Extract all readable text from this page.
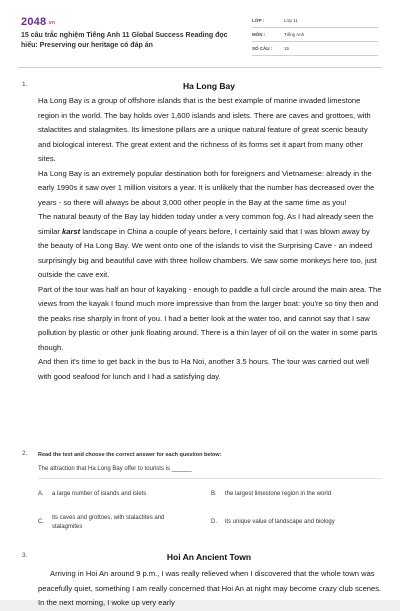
2048.vn
15 câu trắc nghiệm Tiếng Anh 11 Global Success Reading đọc hiểu: Preserving our heritage có đáp án
LỚP :	Lớp 11
MÔN :	Tiếng Anh
SỐ CÂU :	15
1.	Ha Long Bay

Ha Long Bay is a group of offshore islands that is the best example of marine invaded limestone region in the world. The bay holds over 1,600 islands and islets. There are caves and grottoes, with stalactites and stalagmites. Its limestone pillars are a unique natural feature of great scenic beauty and biological interest. The great extent and the richness of its forms set it apart from many other sites.

Ha Long Bay is an extremely popular destination both for foreigners and Vietnamese: already in the early 1990s it saw over 1 million visitors a year. It is unlikely that the number has decreased over the years - so there will always be about 3,000 other people in the Bay at the same time as you!

The natural beauty of the Bay lay hidden today under a very common fog. As I had already seen the similar karst landscape in China a couple of years before, I certainly said that I was blown away by the beauty of Ha Long Bay. We went onto one of the islands to visit the Surprising Cave - an indeed surprisingly big and beautiful cave with three hollow chambers. We saw some monkeys here too, just outside the cave exit.

Part of the tour was half an hour of kayaking - enough to paddle a full circle around the main area. The views from the kayak I found much more impressive than from the larger boat: you're so tiny then and the peaks rise sharply in front of you. I had a better look at the water too, and cannot say that I saw pollution by plastic or other junk floating around. There is a thin layer of oil on the water in some parts though.

And then it's time to get back in the bus to Ha Noi, another 3.5 hours. The tour was carried out well with good seafood for lunch and I had a satisfying day.

2. Read the text and choose the correct answer for each question below:
The attraction that Ha Long Bay offer to tourists is ______
A. a large number of islands and islets	B. the largest limestone region in the world
C.
its caves and grottoes, with stalactites and stalagmites
D. its unique value of landscape and biology
3.	Hoi An Ancient Town

Arriving in Hoi An around 9 p.m., I was really relieved when I discovered that the whole town was peacefully quiet, something I am really concerned that Hoi An at night may become crazy club scenes. In the next morning, I woke up very early
